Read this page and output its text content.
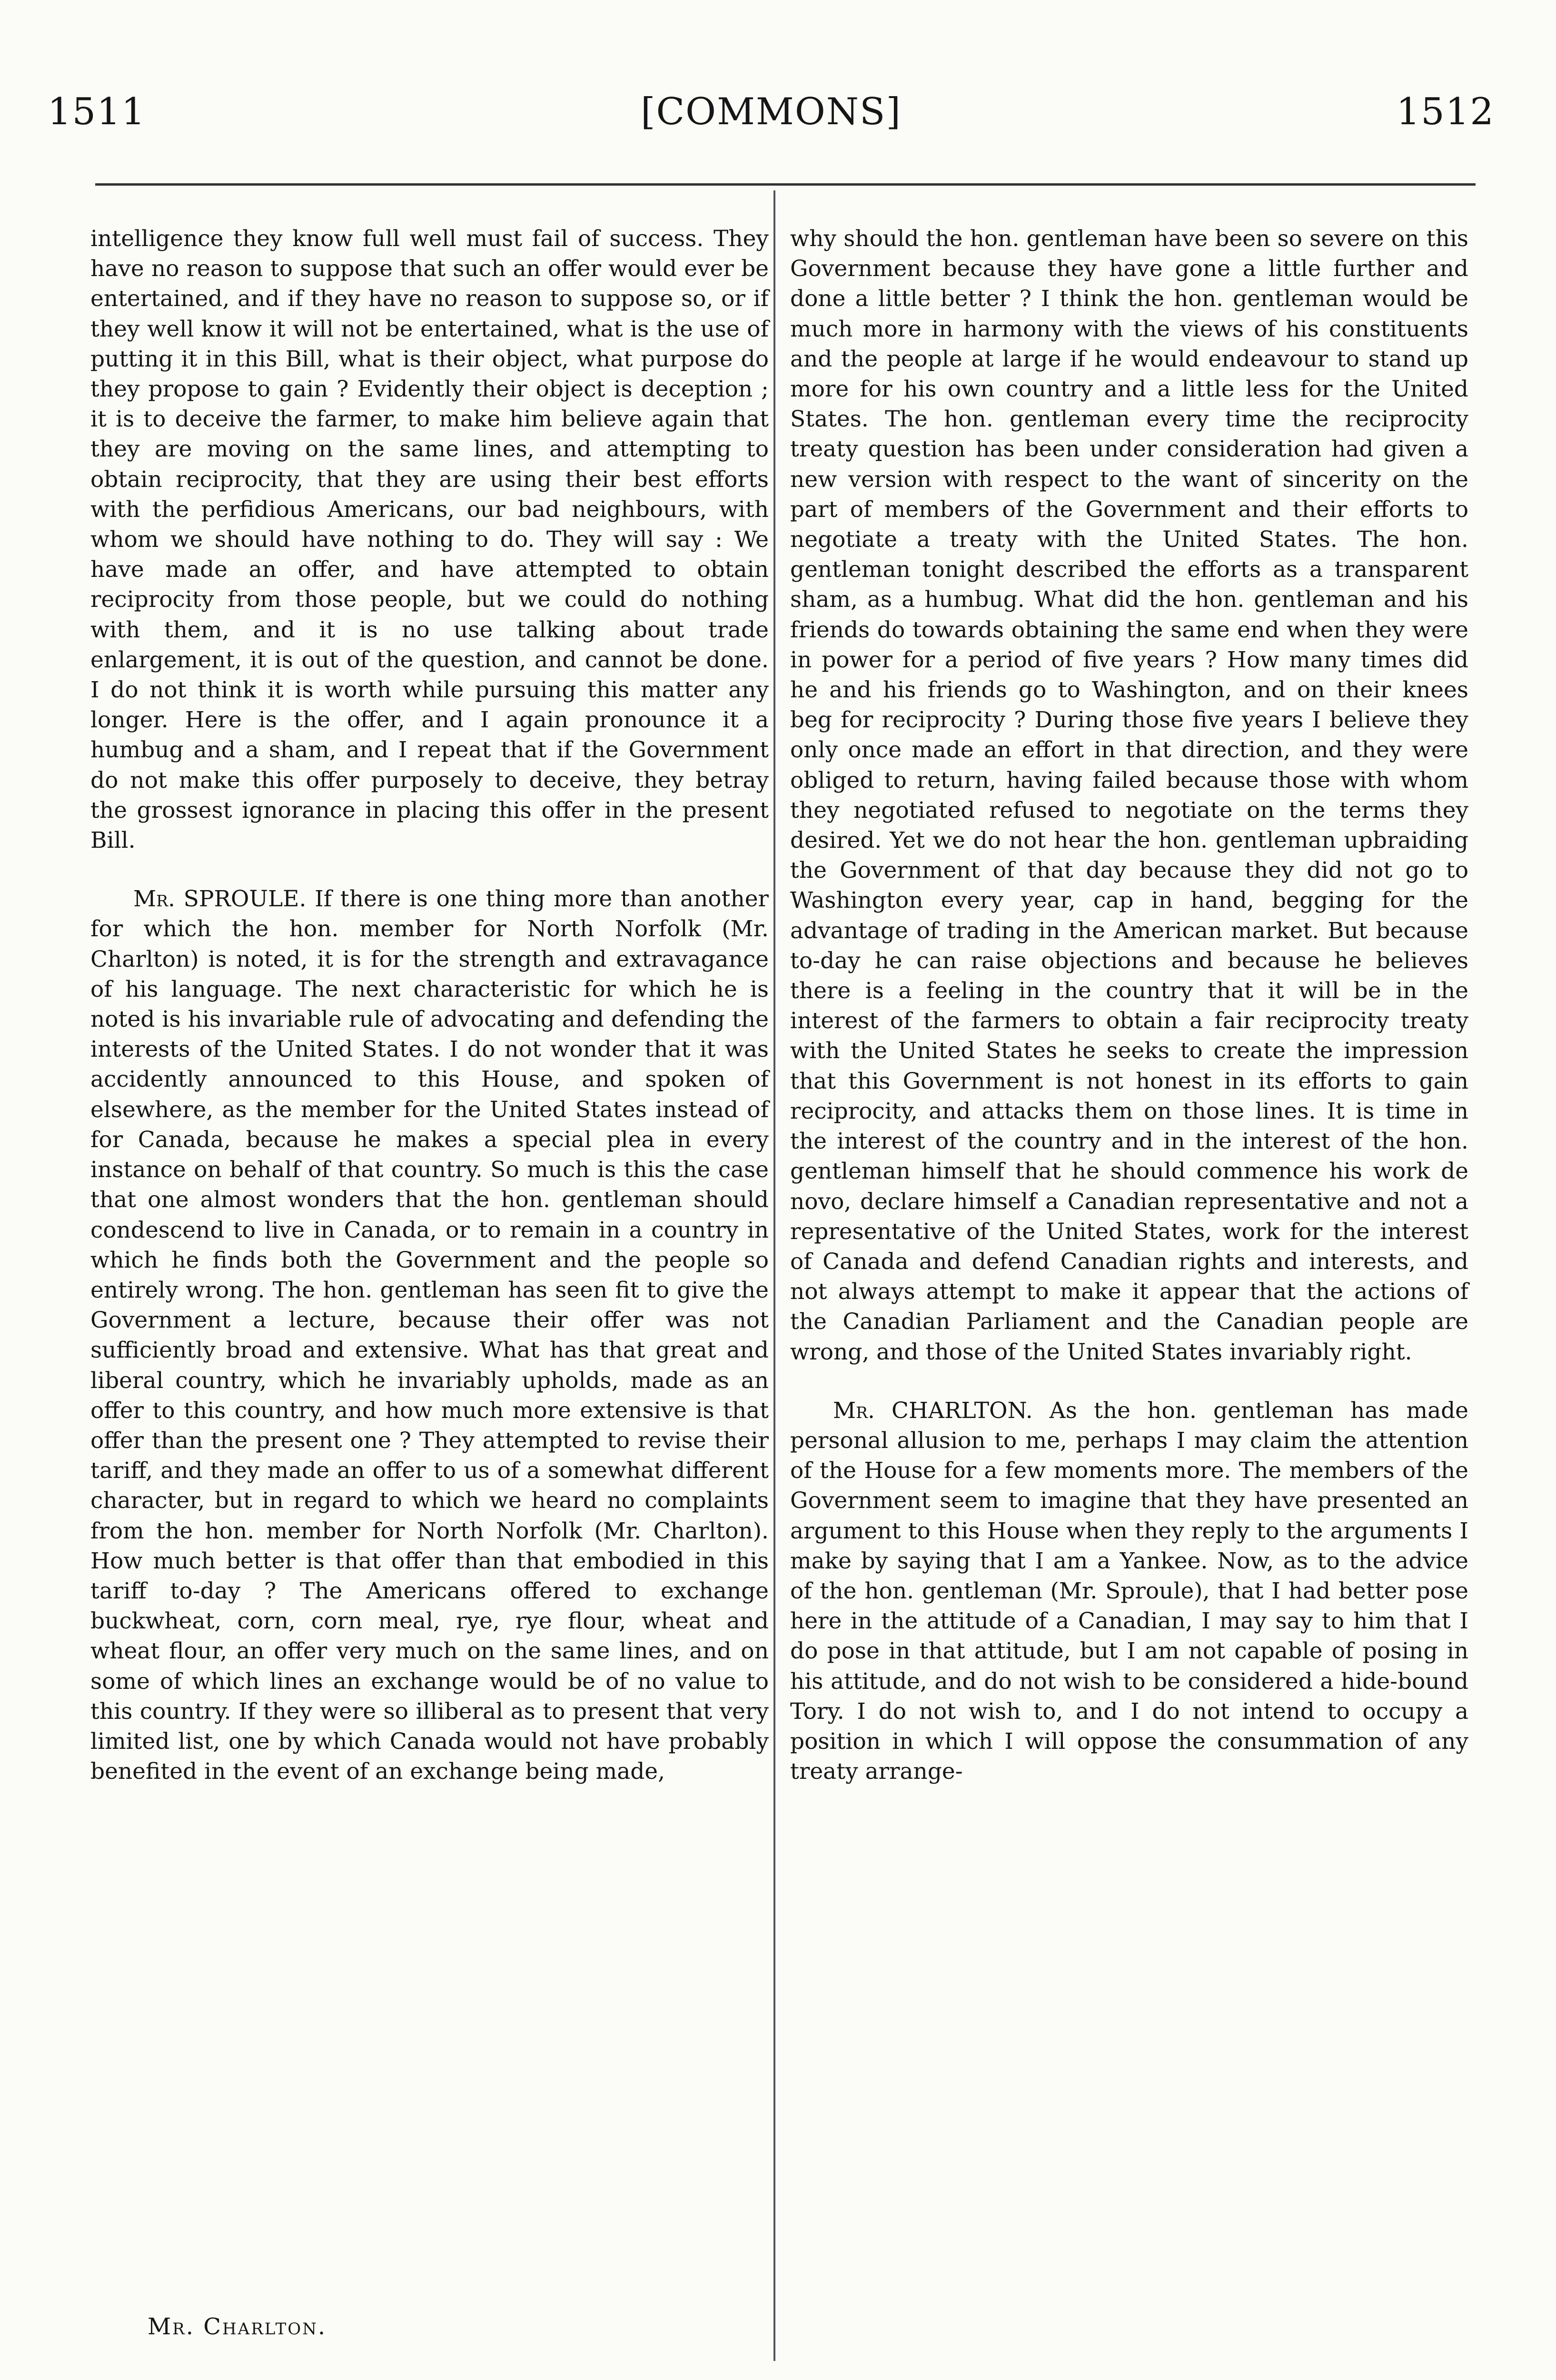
1511	[COMMONS]	1512

intelligence they know full well must fail of success. They have no reason to suppose that such an offer would ever be entertained, and if they have no reason to suppose so, or if they well know it will not be entertained, what is the use of putting it in this Bill, what is their object, what purpose do they propose to gain ? Evidently their object is deception ; it is to deceive the farmer, to make him believe again that they are moving on the same lines, and attempting to obtain reciprocity, that they are using their best efforts with the perfidious Americans, our bad neighbours, with whom we should have nothing to do. They will say : We have made an offer, and have attempted to obtain reciprocity from those people, but we could do nothing with them, and it is no use talking about trade enlargement, it is out of the question, and cannot be done. I do not think it is worth while pursuing this matter any longer. Here is the offer, and I again pronounce it a humbug and a sham, and I repeat that if the Government do not make this offer purposely to deceive, they betray the grossest ignorance in placing this offer in the present Bill.

Mr. SPROULE. If there is one thing more than another for which the hon. member for North Norfolk (Mr. Charlton) is noted, it is for the strength and extravagance of his language. The next characteristic for which he is noted is his invariable rule of advocating and defending the interests of the United States. I do not wonder that it was accidently announced to this House, and spoken of elsewhere, as the member for the United States instead of for Canada, because he makes a special plea in every instance on behalf of that country. So much is this the case that one almost wonders that the hon. gentleman should condescend to live in Canada, or to remain in a country in which he finds both the Government and the people so entirely wrong. The hon. gentleman has seen fit to give the Government a lecture, because their offer was not sufficiently broad and extensive. What has that great and liberal country, which he invariably upholds, made as an offer to this country, and how much more extensive is that offer than the present one ? They attempted to revise their tariff, and they made an offer to us of a somewhat different character, but in regard to which we heard no complaints from the hon. member for North Norfolk (Mr. Charlton). How much better is that offer than that embodied in this tariff to-day ? The Americans offered to exchange buckwheat, corn, corn meal, rye, rye flour, wheat and wheat flour, an offer very much on the same lines, and on some of which lines an exchange would be of no value to this country. If they were so illiberal as to present that very limited list, one by which Canada would not have probably benefited in the event of an exchange being made,

why should the hon. gentleman have been so severe on this Government because they have gone a little further and done a little better ? I think the hon. gentleman would be much more in harmony with the views of his constituents and the people at large if he would endeavour to stand up more for his own country and a little less for the United States. The hon. gentleman every time the reciprocity treaty question has been under consideration had given a new version with respect to the want of sincerity on the part of members of the Government and their efforts to negotiate a treaty with the United States. The hon. gentleman tonight described the efforts as a transparent sham, as a humbug. What did the hon. gentleman and his friends do towards obtaining the same end when they were in power for a period of five years ? How many times did he and his friends go to Washington, and on their knees beg for reciprocity ? During those five years I believe they only once made an effort in that direction, and they were obliged to return, having failed because those with whom they negotiated refused to negotiate on the terms they desired. Yet we do not hear the hon. gentleman upbraiding the Government of that day because they did not go to Washington every year, cap in hand, begging for the advantage of trading in the American market. But because to-day he can raise objections and because he believes there is a feeling in the country that it will be in the interest of the farmers to obtain a fair reciprocity treaty with the United States he seeks to create the impression that this Government is not honest in its efforts to gain reciprocity, and attacks them on those lines. It is time in the interest of the country and in the interest of the hon. gentleman himself that he should commence his work de novo, declare himself a Canadian representative and not a representative of the United States, work for the interest of Canada and defend Canadian rights and interests, and not always attempt to make it appear that the actions of the Canadian Parliament and the Canadian people are wrong, and those of the United States invariably right.

Mr. CHARLTON. As the hon. gentleman has made personal allusion to me, perhaps I may claim the attention of the House for a few moments more. The members of the Government seem to imagine that they have presented an argument to this House when they reply to the arguments I make by saying that I am a Yankee. Now, as to the advice of the hon. gentleman (Mr. Sproule), that I had better pose here in the attitude of a Canadian, I may say to him that I do pose in that attitude, but I am not capable of posing in his attitude, and do not wish to be considered a hide-bound Tory. I do not wish to, and I do not intend to occupy a position in which I will oppose the consummation of any treaty arrange-

Mr. Charlton.
